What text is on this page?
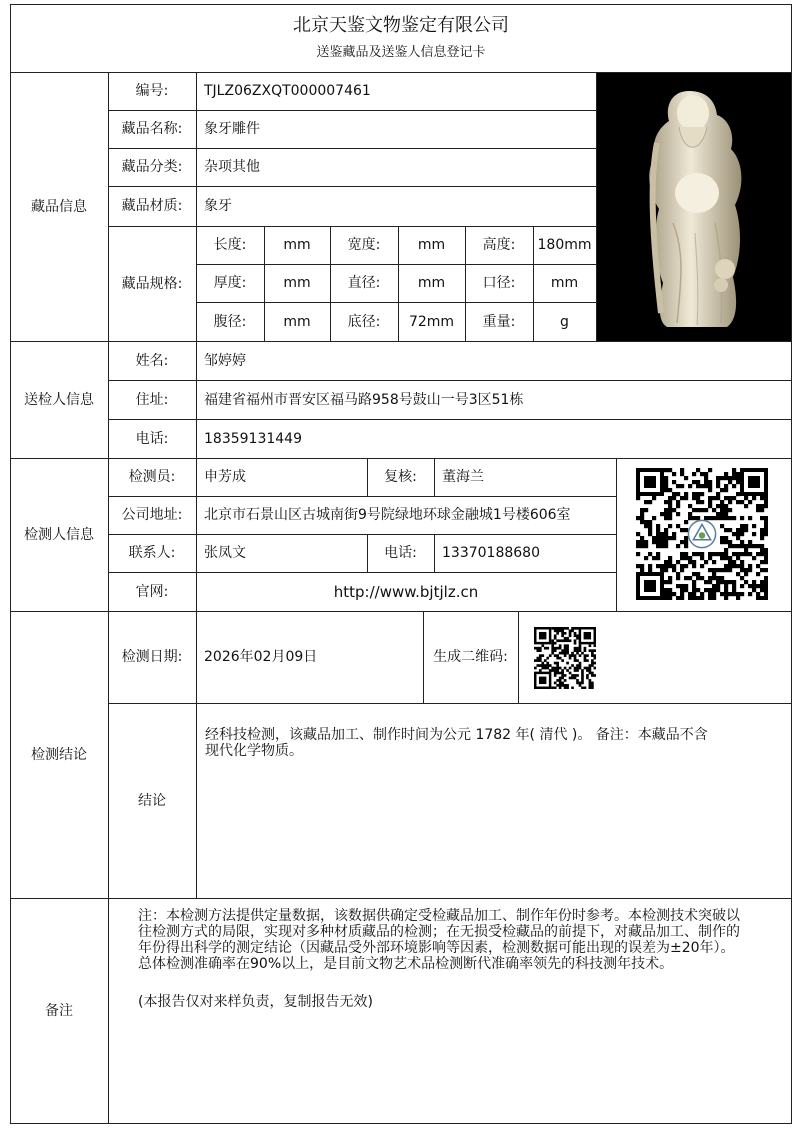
北京天鉴文物鉴定有限公司
送鉴藏品及送鉴人信息登记卡
藏品信息
编号:	TJLZ06ZXQT000007461
藏品名称:	象牙雕件
藏品分类:	杂项其他
藏品材质:	象牙
藏品规格:
长度:	mm	宽度:	mm	高度:	180mm
厚度:	mm	直径:	mm	口径:	mm
腹径:	mm	底径:	72mm	重量:	g
送检人信息
姓名:	邹婷婷
住址:	福建省福州市晋安区福马路958号鼓山一号3区51栋
电话:	18359131449
检测人信息
检测员:	申芳成	复核:	董海兰
公司地址:	北京市石景山区古城南街9号院绿地环球金融城1号楼606室
联系人:	张凤文	电话:	13370188680
官网:	http://www.bjtjlz.cn
检测结论
检测日期:	2026年02月09日	生成二维码:
结论
经科技检测，该藏品加工、制作时间为公元 1782 年( 清代 )。 备注：本藏品不含
现代化学物质。
备注
注：本检测方法提供定量数据，该数据供确定受检藏品加工、制作年份时参考。本检测技术突破以
往检测方式的局限，实现对多种材质藏品的检测；在无损受检藏品的前提下，对藏品加工、制作的
年份得出科学的测定结论（因藏品受外部环境影响等因素，检测数据可能出现的误差为±20年）。
总体检测准确率在90%以上，是目前文物艺术品检测断代准确率领先的科技测年技术。
(本报告仅对来样负责，复制报告无效)
